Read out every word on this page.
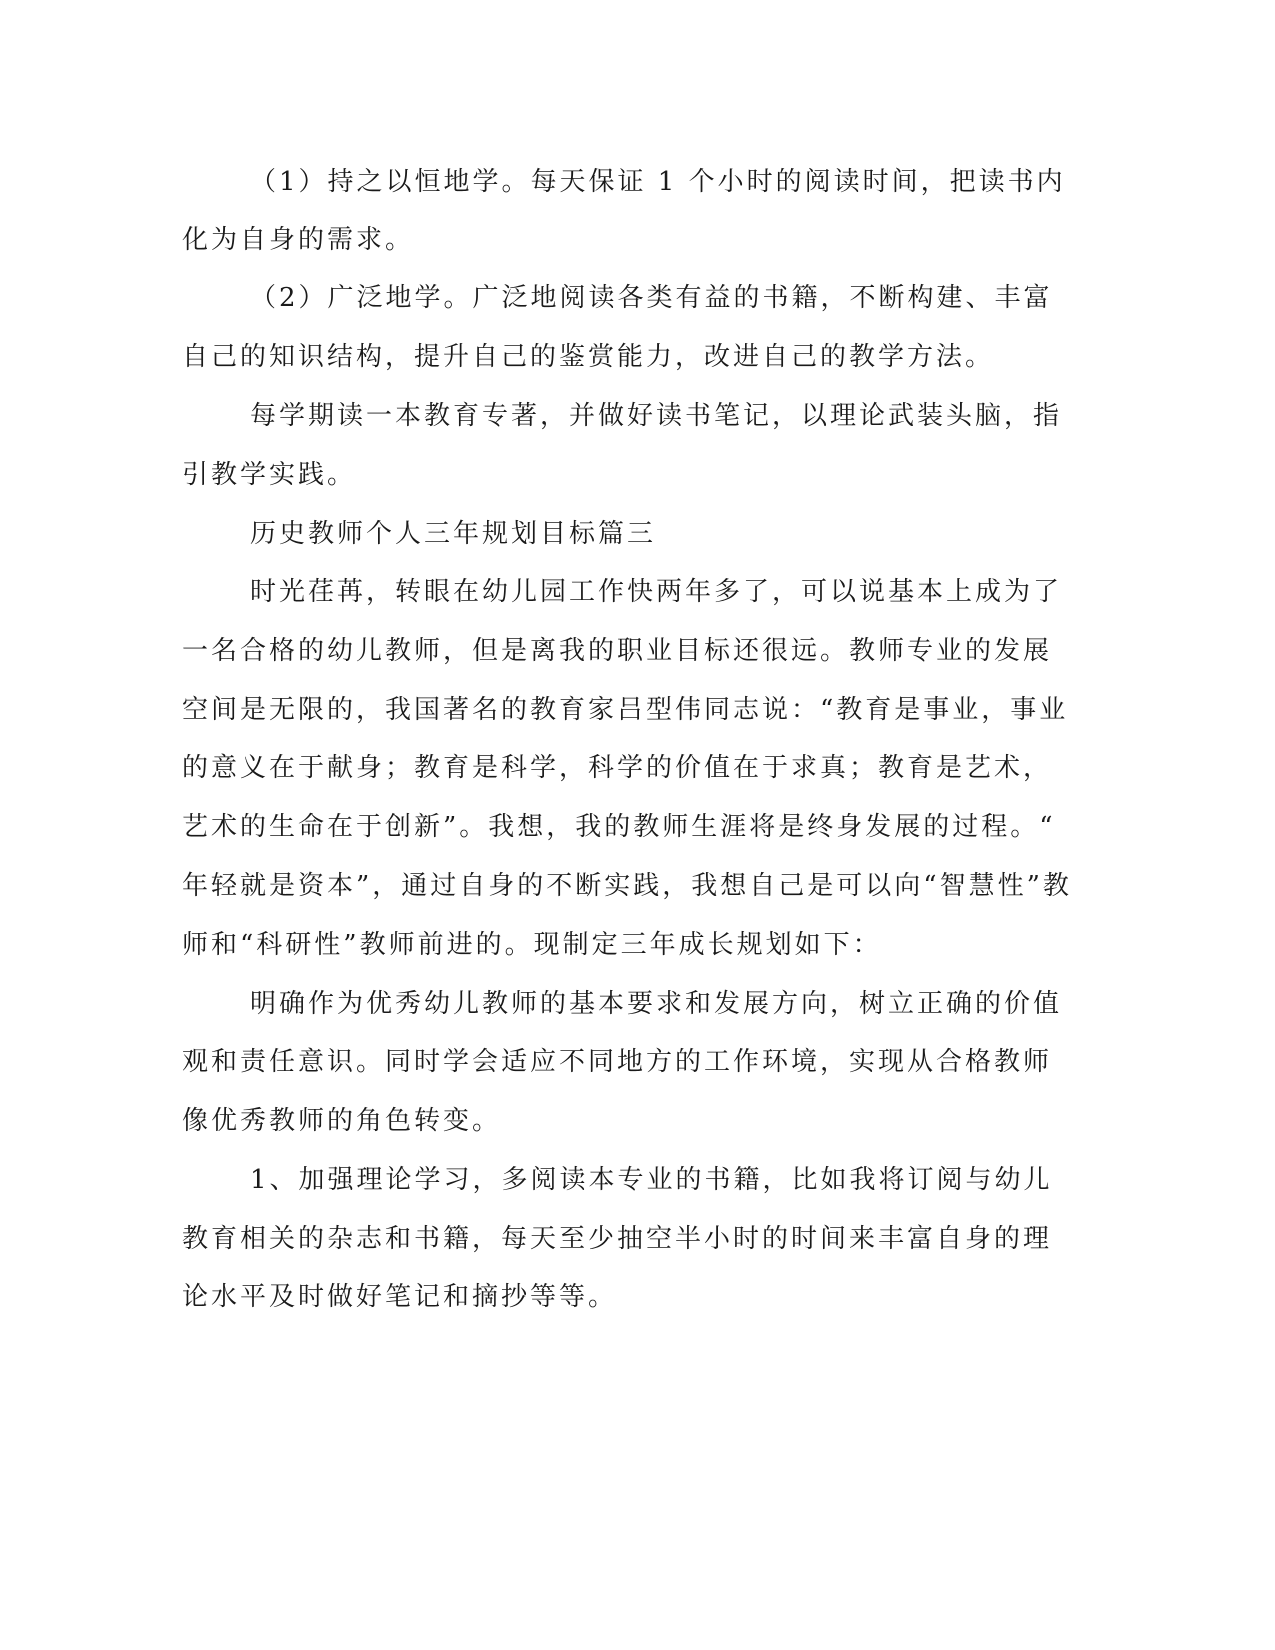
（1）持之以恒地学。每天保证 1 个小时的阅读时间，把读书内

化为自身的需求。

（2）广泛地学。广泛地阅读各类有益的书籍，不断构建、丰富

自己的知识结构，提升自己的鉴赏能力，改进自己的教学方法。

每学期读一本教育专著，并做好读书笔记，以理论武装头脑，指

引教学实践。

历史教师个人三年规划目标篇三

时光荏苒，转眼在幼儿园工作快两年多了，可以说基本上成为了

一名合格的幼儿教师，但是离我的职业目标还很远。教师专业的发展

空间是无限的，我国著名的教育家吕型伟同志说：“教育是事业，事业

的意义在于献身；教育是科学，科学的价值在于求真；教育是艺术，

艺术的生命在于创新”。我想，我的教师生涯将是终身发展的过程。“

年轻就是资本”，通过自身的不断实践，我想自己是可以向“智慧性”教

师和“科研性”教师前进的。现制定三年成长规划如下：

明确作为优秀幼儿教师的基本要求和发展方向，树立正确的价值

观和责任意识。同时学会适应不同地方的工作环境，实现从合格教师

像优秀教师的角色转变。

1、加强理论学习，多阅读本专业的书籍，比如我将订阅与幼儿

教育相关的杂志和书籍，每天至少抽空半小时的时间来丰富自身的理

论水平及时做好笔记和摘抄等等。
